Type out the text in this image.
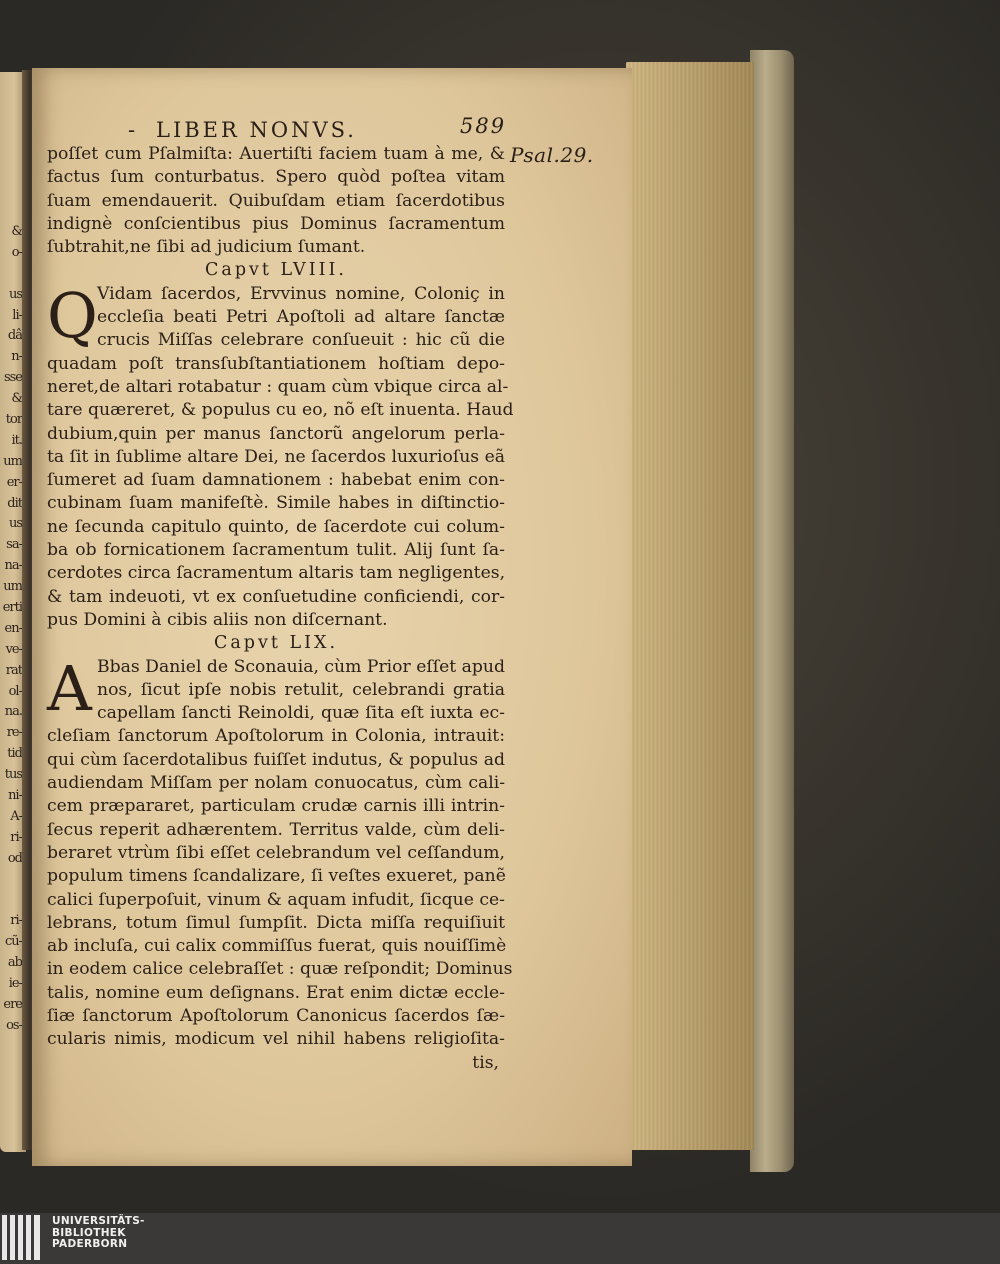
&
o-
us
li-
dâ
n-
sse
&
tor
it.
um
er-
dit
us
sa-
na-
um
erti
en-
ve-
rat
ol-
na.
re-
tid
tus
ni-
A-
ri-
od
ri-
cũ-
ab
ie-
ere
os-
- LIBER NONVS.	589
Psal.29.
poſſet cum Pſalmiſta: Auertiſti faciem tuam à me, &
factus ſum conturbatus. Spero quòd poſtea vitam
ſuam emendauerit. Quibuſdam etiam ſacerdotibus
indignè conſcientibus pius Dominus ſacramentum
ſubtrahit,ne ſibi ad judicium ſumant.
Capvt LVIII.
Q Vidam ſacerdos, Ervvinus nomine, Coloniç in
eccleſia beati Petri Apoſtoli ad altare ſanctæ
crucis Miſſas celebrare conſueuit : hic cũ die
quadam poſt transſubſtantiationem hoſtiam depo-
neret,de altari rotabatur : quam cùm vbique circa al-
tare quæreret, & populus cu eo, nõ eſt inuenta. Haud
dubium,quin per manus ſanctorũ angelorum perla-
ta ſit in ſublime altare Dei, ne ſacerdos luxurioſus eã
ſumeret ad ſuam damnationem : habebat enim con-
cubinam ſuam manifeſtè. Simile habes in diſtinctio-
ne ſecunda capitulo quinto, de ſacerdote cui colum-
ba ob fornicationem ſacramentum tulit. Alij ſunt ſa-
cerdotes circa ſacramentum altaris tam negligentes,
& tam indeuoti, vt ex conſuetudine conficiendi, cor-
pus Domini à cibis aliis non diſcernant.
Capvt LIX.
A Bbas Daniel de Sconauia, cùm Prior eſſet apud
nos, ſicut ipſe nobis retulit, celebrandi gratia
capellam ſancti Reinoldi, quæ ſita eſt iuxta ec-
cleſiam ſanctorum Apoſtolorum in Colonia, intrauit:
qui cùm ſacerdotalibus fuiſſet indutus, & populus ad
audiendam Miſſam per nolam conuocatus, cùm cali-
cem præpararet, particulam crudæ carnis illi intrin-
ſecus reperit adhærentem. Territus valde, cùm deli-
beraret vtrùm ſibi eſſet celebrandum vel ceſſandum,
populum timens ſcandalizare, ſi veſtes exueret, panẽ
calici ſuperpoſuit, vinum & aquam infudit, ſicque ce-
lebrans, totum ſimul ſumpſit. Dicta miſſa requiſiuit
ab incluſa, cui calix commiſſus fuerat, quis nouiſſimè
in eodem calice celebraſſet : quæ reſpondit; Dominus
talis, nomine eum deſignans. Erat enim dictæ eccle-
ſiæ ſanctorum Apoſtolorum Canonicus ſacerdos ſæ-
cularis nimis, modicum vel nihil habens religioſita-
tis,
UNIVERSITÄTS-
BIBLIOTHEK
PADERBORN
